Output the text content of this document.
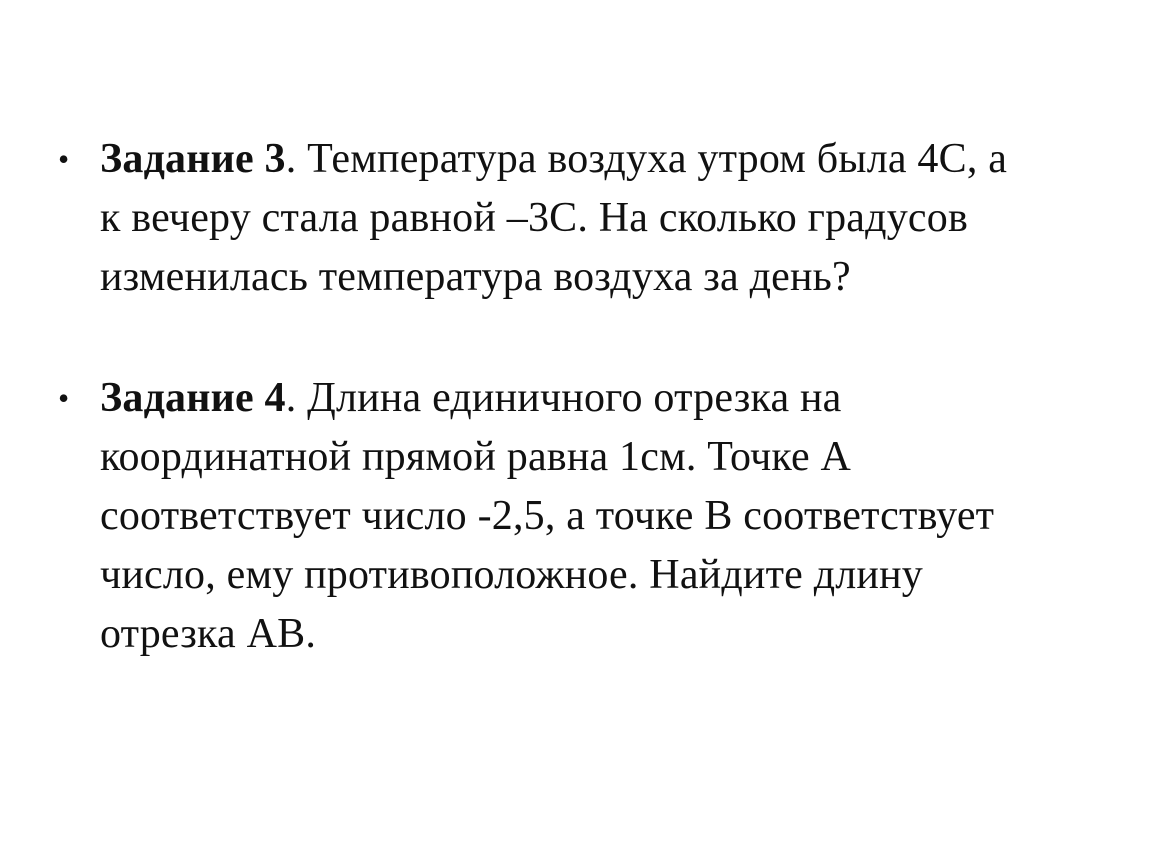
• Задание 3. Температура воздуха утром была 4С, а
к вечеру стала равной –3С. На сколько градусов
изменилась температура воздуха за день?
• Задание 4. Длина единичного отрезка на
координатной прямой равна 1см. Точке А
соответствует число -2,5, а точке В соответствует
число, ему противоположное. Найдите длину
отрезка АВ.
